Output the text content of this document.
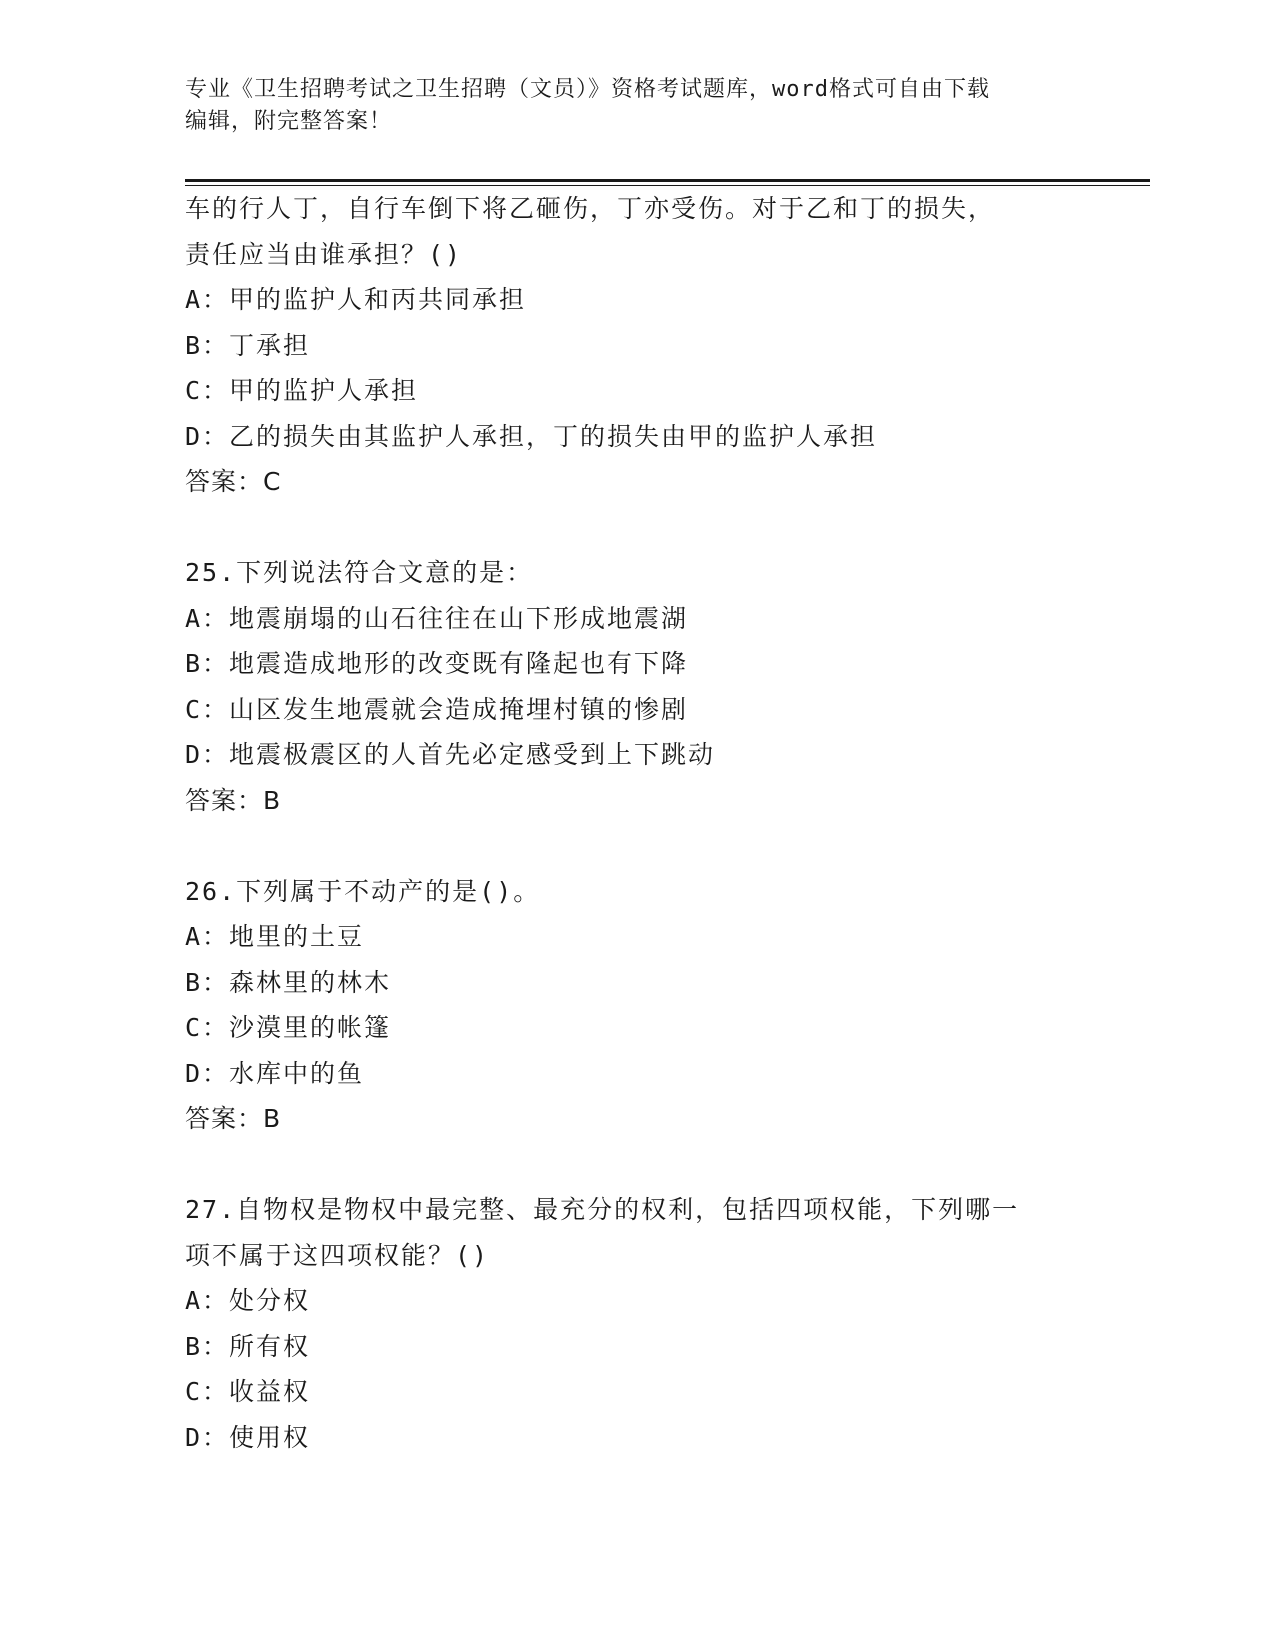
专业《卫生招聘考试之卫生招聘（文员）》资格考试题库，word格式可自由下载
编辑，附完整答案！
车的行人丁，自行车倒下将乙砸伤，丁亦受伤。对于乙和丁的损失，
责任应当由谁承担？()
A：甲的监护人和丙共同承担
B：丁承担
C：甲的监护人承担
D：乙的损失由其监护人承担，丁的损失由甲的监护人承担
答案：C
25.下列说法符合文意的是：
A：地震崩塌的山石往往在山下形成地震湖
B：地震造成地形的改变既有隆起也有下降
C：山区发生地震就会造成掩埋村镇的惨剧
D：地震极震区的人首先必定感受到上下跳动
答案：B
26.下列属于不动产的是()。
A：地里的土豆
B：森林里的林木
C：沙漠里的帐篷
D：水库中的鱼
答案：B
27.自物权是物权中最完整、最充分的权利，包括四项权能，下列哪一
项不属于这四项权能？()
A：处分权
B：所有权
C：收益权
D：使用权
